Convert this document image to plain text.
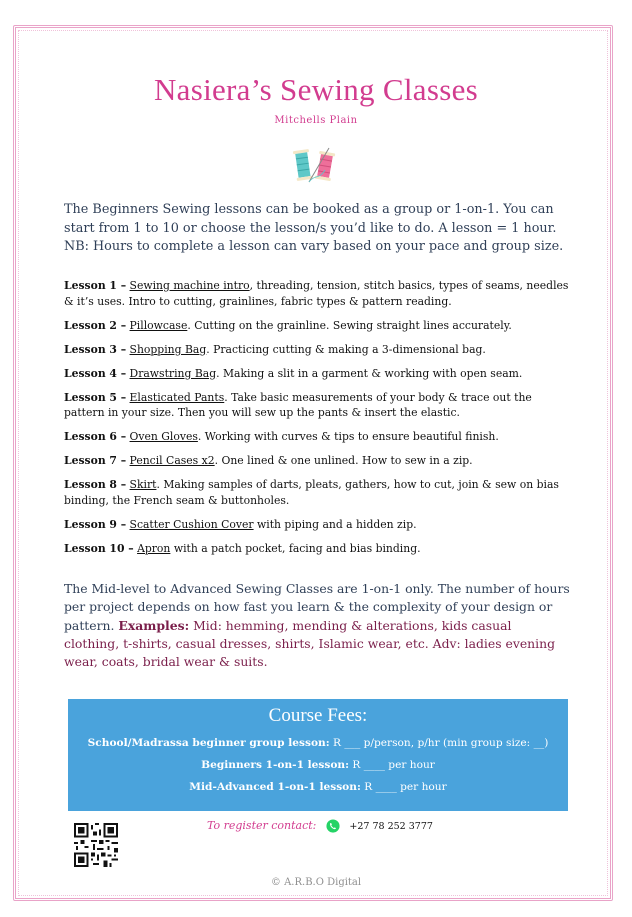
Nasiera’s Sewing Classes
Mitchells Plain
The Beginners Sewing lessons can be booked as a group or 1-on-1. You can start from 1 to 10 or choose the lesson/s you’d like to do. A lesson = 1 hour. NB: Hours to complete a lesson can vary based on your pace and group size.
Lesson 1 – Sewing machine intro, threading, tension, stitch basics, types of seams, needles & it’s uses. Intro to cutting, grainlines, fabric types & pattern reading.
Lesson 2 – Pillowcase. Cutting on the grainline. Sewing straight lines accurately.
Lesson 3 – Shopping Bag. Practicing cutting & making a 3-dimensional bag.
Lesson 4 – Drawstring Bag. Making a slit in a garment & working with open seam.
Lesson 5 – Elasticated Pants. Take basic measurements of your body & trace out the pattern in your size. Then you will sew up the pants & insert the elastic.
Lesson 6 – Oven Gloves. Working with curves & tips to ensure beautiful finish.
Lesson 7 – Pencil Cases x2. One lined & one unlined. How to sew in a zip.
Lesson 8 – Skirt. Making samples of darts, pleats, gathers, how to cut, join & sew on bias binding, the French seam & buttonholes.
Lesson 9 – Scatter Cushion Cover with piping and a hidden zip.
Lesson 10 – Apron with a patch pocket, facing and bias binding.
The Mid-level to Advanced Sewing Classes are 1-on-1 only. The number of hours per project depends on how fast you learn & the complexity of your design or pattern. Examples: Mid: hemming, mending & alterations, kids casual clothing, t-shirts, casual dresses, shirts, Islamic wear, etc. Adv: ladies evening wear, coats, bridal wear & suits.
Course Fees:
School/Madrassa beginner group lesson: R ___ p/person, p/hr (min group size: __)
Beginners 1-on-1 lesson: R ____ per hour
Mid-Advanced 1-on-1 lesson: R ____ per hour
To register contact:	+27 78 252 3777
© A.R.B.O Digital
